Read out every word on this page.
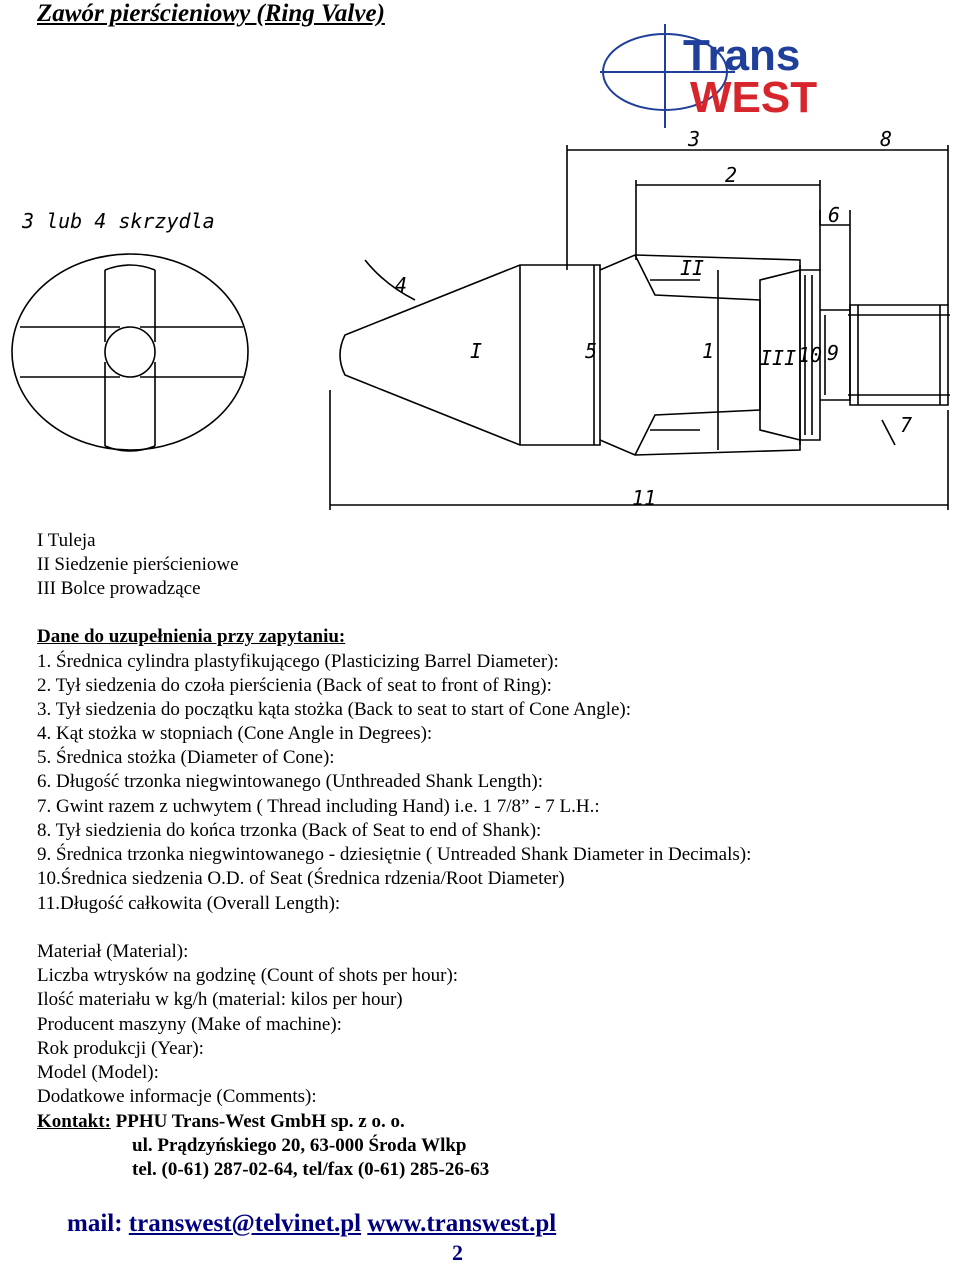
Zawór pierścieniowy (Ring Valve)
Trans
WEST
3 lub 4 skrzydla
3	8
2
6
4
5	1	10 9
7
11
I
II
III
I Tuleja
II Siedzenie pierścieniowe
III Bolce prowadzące
Dane do uzupełnienia przy zapytaniu:
1. Średnica cylindra plastyfikującego (Plasticizing Barrel Diameter):
2. Tył siedzenia do czoła pierścienia (Back of seat to front of Ring):
3. Tył siedzenia do początku kąta stożka (Back to seat to start of Cone Angle):
4. Kąt stożka w stopniach (Cone Angle in Degrees):
5. Średnica stożka (Diameter of Cone):
6. Długość trzonka niegwintowanego (Unthreaded Shank Length):
7. Gwint razem z uchwytem ( Thread including Hand) i.e. 1 7/8” - 7 L.H.:
8. Tył siedzienia do końca trzonka (Back of Seat to end of Shank):
9. Średnica trzonka niegwintowanego - dziesiętnie ( Untreaded Shank Diameter in Decimals):
10.Średnica siedzenia O.D. of Seat (Średnica rdzenia/Root Diameter)
11.Długość całkowita (Overall Length):
Materiał (Material):
Liczba wtrysków na godzinę (Count of shots per hour):
Ilość materiału w kg/h (material: kilos per hour)
Producent maszyny (Make of machine):
Rok produkcji (Year):
Model (Model):
Dodatkowe informacje (Comments):
Kontakt: PPHU Trans-West GmbH sp. z o. o.
ul. Prądzyńskiego 20, 63-000 Środa Wlkp
tel. (0-61) 287-02-64, tel/fax (0-61) 285-26-63
mail: transwest@telvinet.pl www.transwest.pl
2
